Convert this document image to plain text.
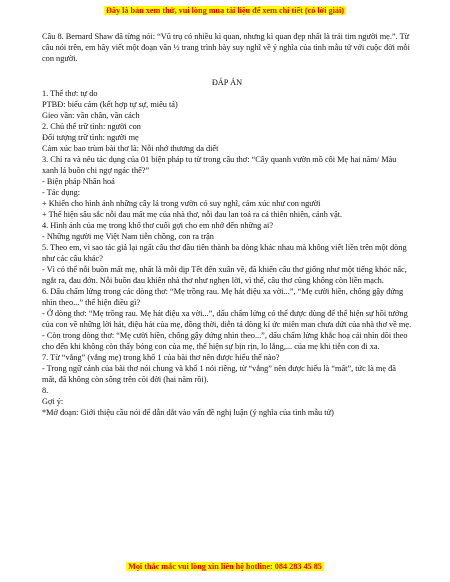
Đây là bản xem thử, vui lòng mua tài liệu để xem chi tiết (có lời giải)

Câu 8. Bernard Shaw đã từng nói: “Vũ trụ có nhiều kì quan, nhưng kì quan đẹp nhất là trái tim người mẹ.”. Từ câu nói trên, em hãy viết một đoạn văn ½ trang trình bày suy nghĩ về ý nghĩa của tình mẫu tử với cuộc đời mỗi con người.

ĐÁP ÁN

1. Thể thơ: tự do

PTBĐ: biểu cảm (kết hợp tự sự, miêu tả)

Gieo vần: vần chân, vần cách

2. Chủ thể trữ tình: người con

Đối tượng trữ tình: người mẹ

Cảm xúc bao trùm bài thơ là: Nỗi nhớ thương da diết

3. Chỉ ra và nêu tác dụng của 01 biện pháp tu từ trong câu thơ: “Cây quanh vườn mồ côi Mẹ hai năm/ Màu xanh lá buồn chi ngợ ngác thế?”

- Biện pháp Nhân hoá

- Tác dụng:

+ Khiến cho hình ảnh những cây lá trong vườn có suy nghĩ, cảm xúc như con người

+ Thể hiện sâu sắc nỗi đau mất mẹ của nhà thơ, nỗi đau lan toả ra cả thiên nhiên, cảnh vật.

4. Hình ảnh của mẹ trong khổ thơ cuối gợi cho em nhớ đến những ai?

- Những người mẹ Việt Nam tiễn chồng, con ra trận

5. Theo em, vì sao tác giả lại ngất câu thơ đầu tiên thành ba dòng khác nhau mà không viết liền trên một dòng như các câu khác?

- Vì có thể nỗi buồn mất mẹ, nhất là mỗi dịp Tết đến xuân về, đã khiến câu thơ giống như một tiếng khóc nấc, ngắt ra, đau đớn. Nỗi buồn đau khiến nhà thơ như nghẹn lời, vì thế, câu thơ cũng không còn liền mạch.

6. Dấu chấm lửng trong các dòng thơ: “Mẹ trồng rau. Mẹ hát điệu xa vời...”, “Mẹ cười hiền, chống gậy đứng nhìn theo...” thể hiện điều gì?

- Ở dòng thơ: “Mẹ trồng rau. Mẹ hát điệu xa vời...”, dấu chấm lửng có thể được dùng để thể hiện sự hồi tưởng của con về những lời hát, điệu hát của mẹ, đồng thời, diễn tả dòng kí ức miên man chưa dứt của nhà thơ về mẹ.

- Còn trong dòng thơ: “Mẹ cười hiền, chống gậy đứng nhìn theo...”, dấu chấm lửng khắc hoạ cái nhìn dõi theo cho đến khi không còn thấy bóng con của mẹ, thể hiện sự bịn rịn, lo lắng,... của mẹ khi tiễn con đi xa.

7. Từ “vắng” (vắng mẹ) trong khổ 1 của bài thơ nên được hiểu thế nào?

- Trong ngữ cảnh của bài thơ nói chung và khổ 1 nói riêng, từ “vắng” nên được hiểu là “mất”, tức là mẹ đã mất, đã không còn sống trên cõi đời (hai năm rồi).

8.

Gợi ý:

*Mở đoạn: Giới thiệu cầu nói để dẫn dắt vào vấn đề nghị luận (ý nghĩa của tình mẫu tử)

Mọi thắc mắc vui lòng xin liên hệ hotline: 084 283 45 85
